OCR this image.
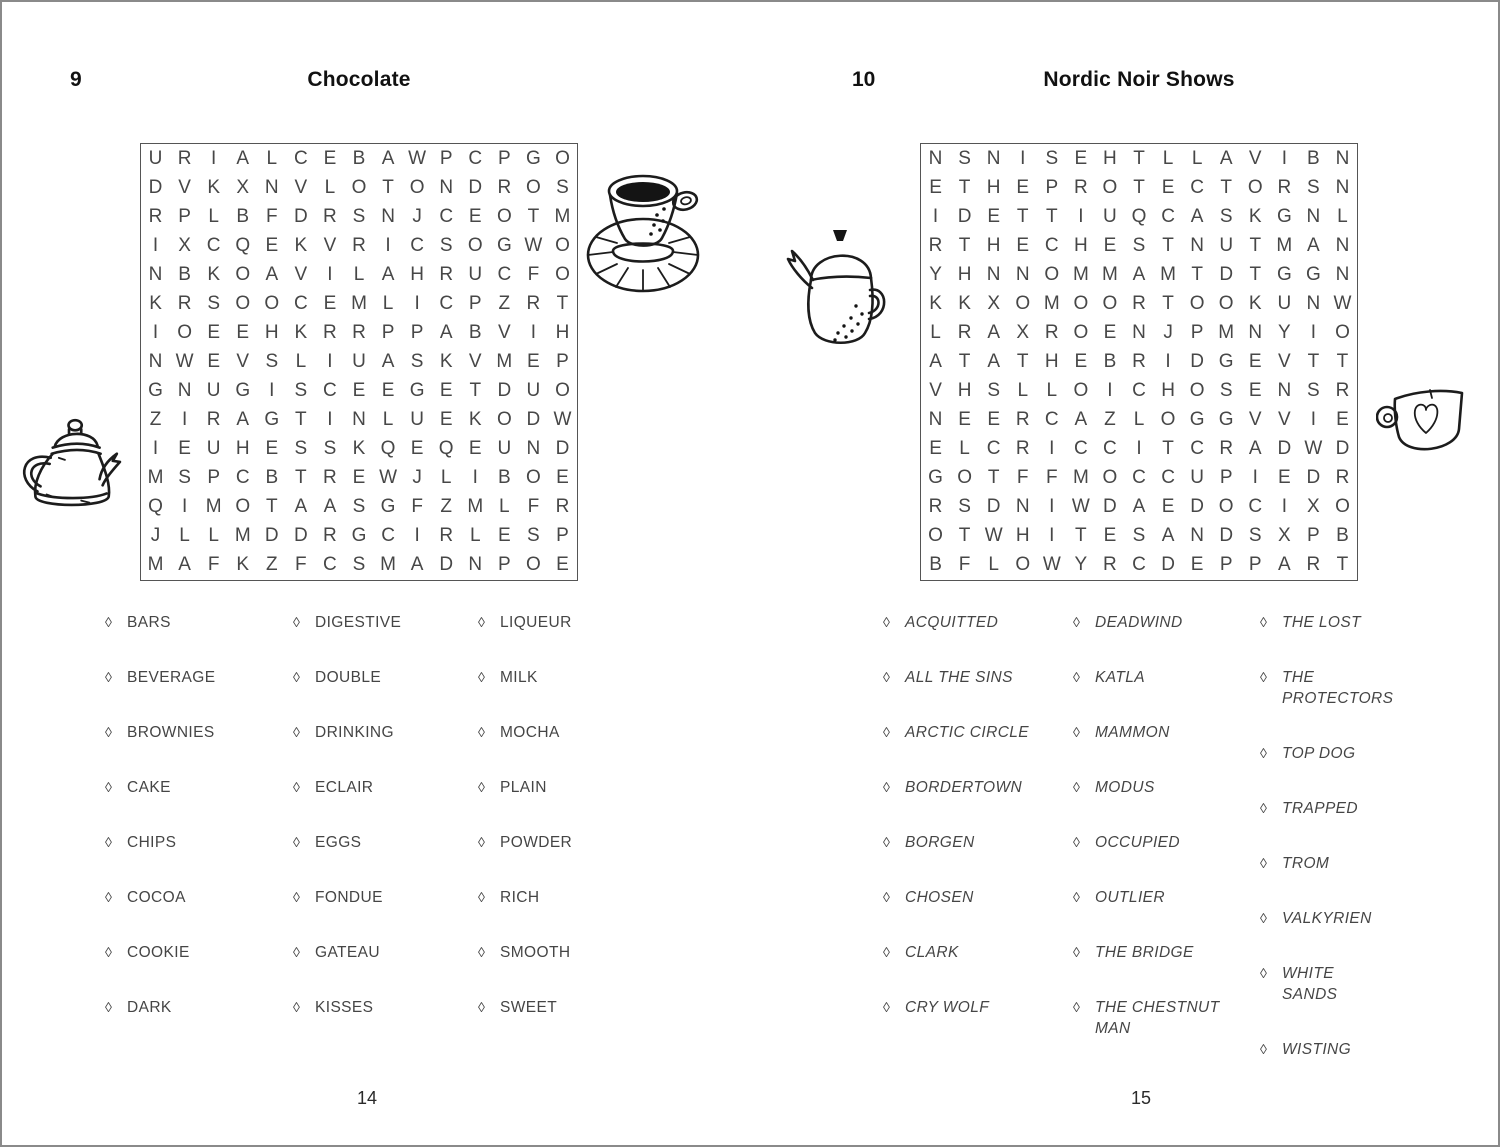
9	Chocolate	10	Nordic Noir Shows
U R	I	A L C E B A W P C P G O
D V K X N V L O T O N D R O S
R P L B F D R S N J C E O T M
I	X C Q E K V R	I	C S O G W O
N B K O A V	I	L A H R U C F O
K R S O O C E M L	I	C P Z R T
I	O E E H K R R P P A B V	I	H
N W E V S L	I	U A S K V M E P
G N U G	I	S C E E G E T D U O
Z	I	R A G T	I	N L U E K O D W
I	E U H E S S K Q E Q E U N D
M S P C B T R E W J	L	I	B O E
Q	I M O T A A S G F Z M L F R
J	L L M D D R G C	I	R L E S P
M A F K Z F C S M A D N P O E
N S N	I	S E H T L L A V	I	B N
E T H E P R O T E C T O R S N
I	D E T T	I	U Q C A S K G N L
R T H E C H E S T N U T M A N
Y H N N O M M A M T D T G G N
K K X O M O O R T O O K U N W
L R A X R O E N J P M N Y	I	O
A T A T H E B R	I	D G E V T T
V H S L L O	I	C H O S E N S R
N E E R C A Z L O G G V V	I	E
E L C R	I	C C	I	T C R A D W D
G O T F F M O C C U P	I	E D R
R S D N	I W D A E D O C	I	X O
O T W H	I	T E S A N D S X P B
B F L O W Y R C D E P P A R T
◊ BARS
◊ BEVERAGE
◊ BROWNIES
◊ CAKE
◊ CHIPS
◊ COCOA
◊ COOKIE
◊ DARK
◊ DIGESTIVE
◊ DOUBLE
◊ DRINKING
◊ ECLAIR
◊ EGGS
◊ FONDUE
◊ GATEAU
◊ KISSES
◊ LIQUEUR
◊ MILK
◊ MOCHA
◊ PLAIN
◊ POWDER
◊ RICH
◊ SMOOTH
◊ SWEET
◊ ACQUITTED
◊ ALL THE SINS
◊ ARCTIC CIRCLE
◊ BORDERTOWN
◊ BORGEN
◊ CHOSEN
◊ CLARK
◊ CRY WOLF
◊ DEADWIND
◊ KATLA
◊ MAMMON
◊ MODUS
◊ OCCUPIED
◊ OUTLIER
◊ THE BRIDGE
◊ THE CHESTNUT MAN
◊ THE LOST
◊ THE PROTECTORS
◊ TOP DOG
◊ TRAPPED
◊ TROM
◊ VALKYRIEN
◊ WHITE SANDS
◊ WISTING
14	15
